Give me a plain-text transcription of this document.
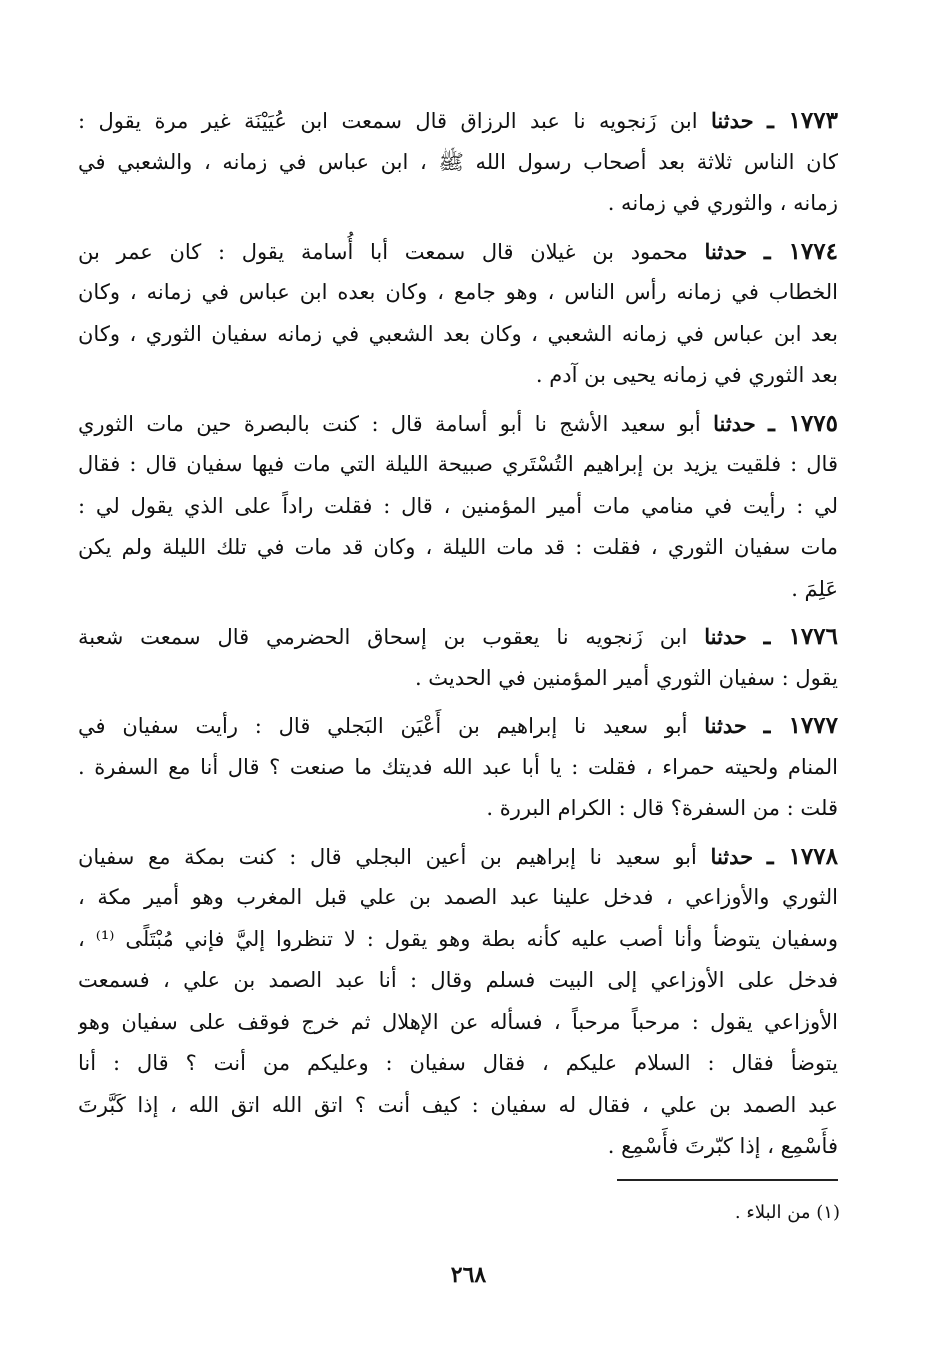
١٧٧٣ ـ حدثنا ابن زَنجويه نا عبد الرزاق قال سمعت ابن عُيَيْنَة غير مرة يقول :
كان الناس ثلاثة بعد أصحاب رسول الله ﷺ ، ابن عباس في زمانه ، والشعبي في
زمانه ، والثوري في زمانه .
١٧٧٤ ـ حدثنا محمود بن غيلان قال سمعت أبا أُسامة يقول : كان عمر بن
الخطاب في زمانه رأس الناس ، وهو جامع ، وكان بعده ابن عباس في زمانه ، وكان
بعد ابن عباس في زمانه الشعبي ، وكان بعد الشعبي في زمانه سفيان الثوري ، وكان
بعد الثوري في زمانه يحيى بن آدم .
١٧٧٥ ـ حدثنا أبو سعيد الأشج نا أبو أسامة قال : كنت بالبصرة حين مات الثوري
قال : فلقيت يزيد بن إبراهيم التُسْتَري صبيحة الليلة التي مات فيها سفيان قال : فقال
لي : رأيت في منامي مات أمير المؤمنين ، قال : فقلت راداً على الذي يقول لي :
مات سفيان الثوري ، فقلت : قد مات الليلة ، وكان قد مات في تلك الليلة ولم يكن
عَلِمَ .
١٧٧٦ ـ حدثنا ابن زَنجويه نا يعقوب بن إسحاق الحضرمي قال سمعت شعبة
يقول : سفيان الثوري أمير المؤمنين في الحديث .
١٧٧٧ ـ حدثنا أبو سعيد نا إبراهيم بن أَعْيَن البَجلي قال : رأيت سفيان في
المنام ولحيته حمراء ، فقلت : يا أبا عبد الله فديتك ما صنعت ؟ قال أنا مع السفرة .
قلت : من السفرة؟ قال : الكرام البررة .
١٧٧٨ ـ حدثنا أبو سعيد نا إبراهيم بن أعين البجلي قال : كنت بمكة مع سفيان
الثوري والأوزاعي ، فدخل علينا عبد الصمد بن علي قبل المغرب وهو أمير مكة ،
وسفيان يتوضأ وأنا أصب عليه كأنه بطة وهو يقول : لا تنظروا إليَّ فإني مُبْتَلًى ⁽¹⁾ ،
فدخل على الأوزاعي إلى البيت فسلم وقال : أنا عبد الصمد بن علي ، فسمعت
الأوزاعي يقول : مرحباً مرحباً ، فسأله عن الإهلال ثم خرج فوقف على سفيان وهو
يتوضأ فقال : السلام عليكم ، فقال سفيان : وعليكم من أنت ؟ قال : أنا
عبد الصمد بن علي ، فقال له سفيان : كيف أنت ؟ اتق الله اتق الله ، إذا كَبَّرتَ
فأَسْمِع ، إذا كبّرتَ فأَسْمِع .
(١) من البلاء .
٢٦٨
